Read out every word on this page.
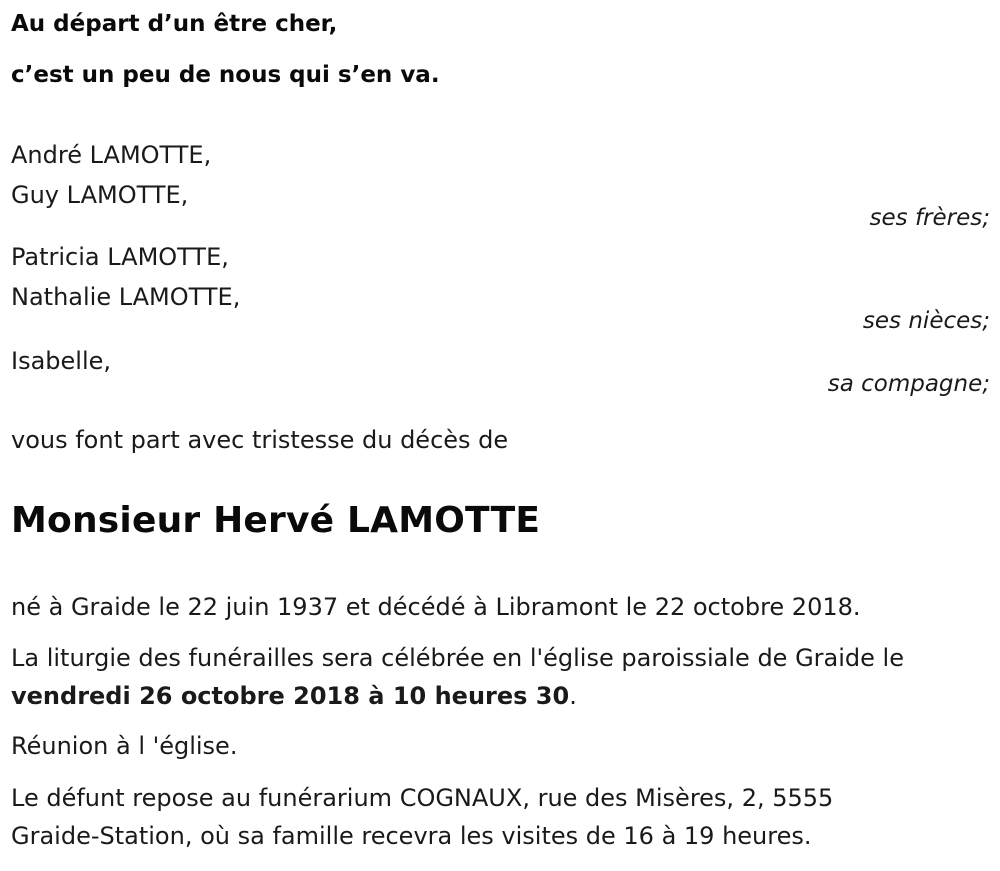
Au départ d’un être cher,
c’est un peu de nous qui s’en va.
André LAMOTTE,
Guy LAMOTTE,
ses frères;
Patricia LAMOTTE,
Nathalie LAMOTTE,
ses nièces;
Isabelle,
sa compagne;
vous font part avec tristesse du décès de
Monsieur Hervé LAMOTTE
né à Graide le 22 juin 1937 et décédé à Libramont le 22 octobre 2018.
La liturgie des funérailles sera célébrée en l'église paroissiale de Graide le
vendredi 26 octobre 2018 à 10 heures 30.
Réunion à l 'église.
Le défunt repose au funérarium COGNAUX, rue des Misères, 2, 5555
Graide-Station, où sa famille recevra les visites de 16 à 19 heures.
